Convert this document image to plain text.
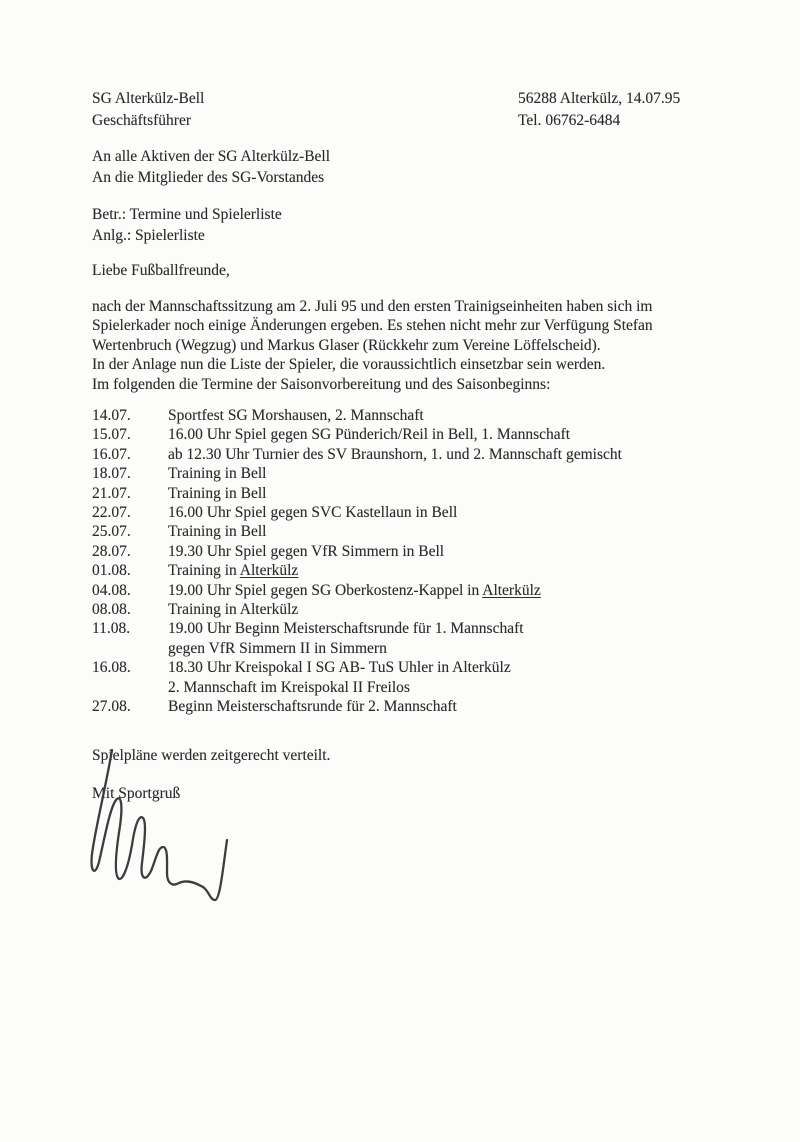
SG Alterkülz-Bell
Geschäftsführer
56288 Alterkülz, 14.07.95
Tel. 06762-6484
An alle Aktiven der SG Alterkülz-Bell
An die Mitglieder des SG-Vorstandes
Betr.: Termine und Spielerliste
Anlg.: Spielerliste
Liebe Fußballfreunde,
nach der Mannschaftssitzung am 2. Juli 95 und den ersten Trainigseinheiten haben sich im
Spielerkader noch einige Änderungen ergeben. Es stehen nicht mehr zur Verfügung Stefan
Wertenbruch (Wegzug) und Markus Glaser (Rückkehr zum Vereine Löffelscheid).
In der Anlage nun die Liste der Spieler, die voraussichtlich einsetzbar sein werden.
Im folgenden die Termine der Saisonvorbereitung und des Saisonbeginns:
14.07.	Sportfest SG Morshausen, 2. Mannschaft
15.07.	16.00 Uhr Spiel gegen SG Pünderich/Reil in Bell, 1. Mannschaft
16.07.	ab 12.30 Uhr Turnier des SV Braunshorn, 1. und 2. Mannschaft gemischt
18.07.	Training in Bell
21.07.	Training in Bell
22.07.	16.00 Uhr Spiel gegen SVC Kastellaun in Bell
25.07.	Training in Bell
28.07.	19.30 Uhr Spiel gegen VfR Simmern in Bell
01.08.	Training in Alterkülz
04.08.	19.00 Uhr Spiel gegen SG Oberkostenz-Kappel in Alterkülz
08.08.	Training in Alterkülz
11.08.	19.00 Uhr Beginn Meisterschaftsrunde für 1. Mannschaft
gegen VfR Simmern II in Simmern
16.08.	18.30 Uhr Kreispokal I SG AB- TuS Uhler in Alterkülz
2. Mannschaft im Kreispokal II Freilos
27.08.	Beginn Meisterschaftsrunde für 2. Mannschaft
Spielpläne werden zeitgerecht verteilt.
Mit Sportgruß
